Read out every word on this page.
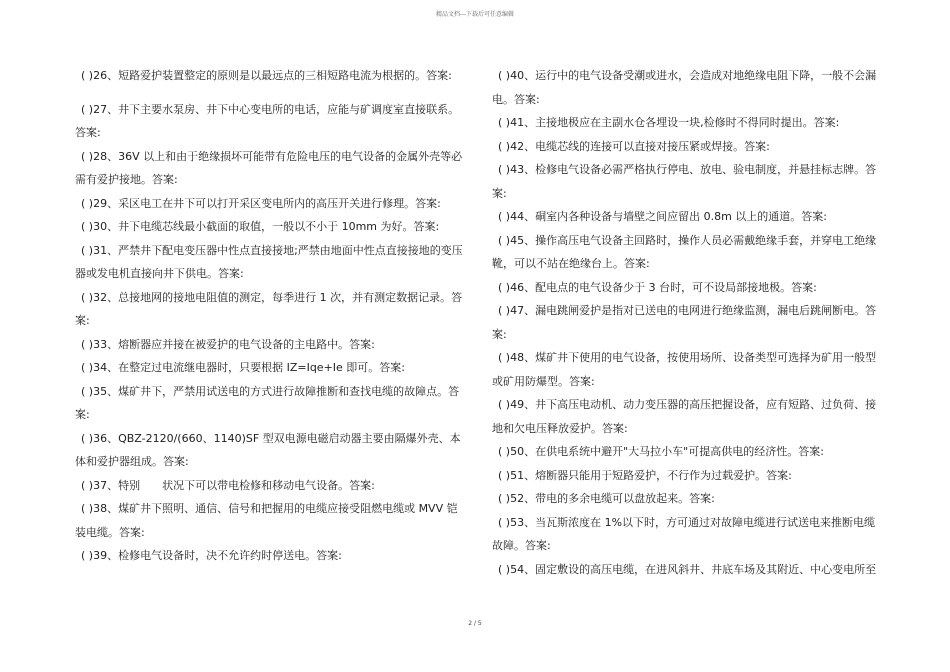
精品文档---下载后可任意编辑

( )26、短路爱护装置整定的原则是以最远点的三相短路电流为根据的。答案:

( )27、井下主要水泵房、井下中心变电所的电话，应能与矿调度室直接联系。答案:

( )28、36V 以上和由于绝缘损坏可能带有危险电压的电气设备的金属外壳等必需有爱护接地。答案:

( )29、采区电工在井下可以打开采区变电所内的高压开关进行修理。答案:

( )30、井下电缆芯线最小截面的取值，一般以不小于 10mm 为好。答案:

( )31、严禁井下配电变压器中性点直接接地;严禁由地面中性点直接接地的变压器或发电机直接向井下供电。答案:

( )32、总接地网的接地电阻值的测定，每季进行 1 次，并有测定数据记录。答案:

( )33、熔断器应并接在被爱护的电气设备的主电路中。答案:

( )34、在整定过电流继电器时，只要根据 IZ=Iqe+Ie 即可。答案:

( )35、煤矿井下，严禁用试送电的方式进行故障推断和查找电缆的故障点。答案:

( )36、QBZ-2120/(660、1140)SF 型双电源电磁启动器主要由隔爆外壳、本体和爱护器组成。答案:

( )37、特别　　状况下可以带电检修和移动电气设备。答案:

( )38、煤矿井下照明、通信、信号和把握用的电缆应接受阻燃电缆或 MVV 铠装电缆。答案:

( )39、检修电气设备时，决不允许约时停送电。答案:

( )40、运行中的电气设备受潮或进水，会造成对地绝缘电阻下降，一般不会漏电。答案:

( )41、主接地极应在主副水仓各埋设一块,检修时不得同时提出。答案:

( )42、电缆芯线的连接可以直接对接压紧或焊接。答案:

( )43、检修电气设备必需严格执行停电、放电、验电制度，并悬挂标志牌。答案:

( )44、硐室内各种设备与墙壁之间应留出 0.8m 以上的通道。答案:

( )45、操作高压电气设备主回路时，操作人员必需戴绝缘手套，并穿电工绝缘靴，可以不站在绝缘台上。答案:

( )46、配电点的电气设备少于 3 台时，可不设局部接地极。答案:

( )47、漏电跳闸爱护是指对已送电的电网进行绝缘监测，漏电后跳闸断电。答案:

( )48、煤矿井下使用的电气设备，按使用场所、设备类型可选择为矿用一般型或矿用防爆型。答案:

( )49、井下高压电动机、动力变压器的高压把握设备，应有短路、过负荷、接地和欠电压释放爱护。答案:

( )50、在供电系统中避开"大马拉小车"可提高供电的经济性。答案:

( )51、熔断器只能用于短路爱护，不行作为过载爱护。答案:

( )52、带电的多余电缆可以盘放起来。答案:

( )53、当瓦斯浓度在 1%以下时，方可通过对故障电缆进行试送电来推断电缆故障。答案:

( )54、固定敷设的高压电缆，在进风斜井、井底车场及其附近、中心变电所至

2 / 5
